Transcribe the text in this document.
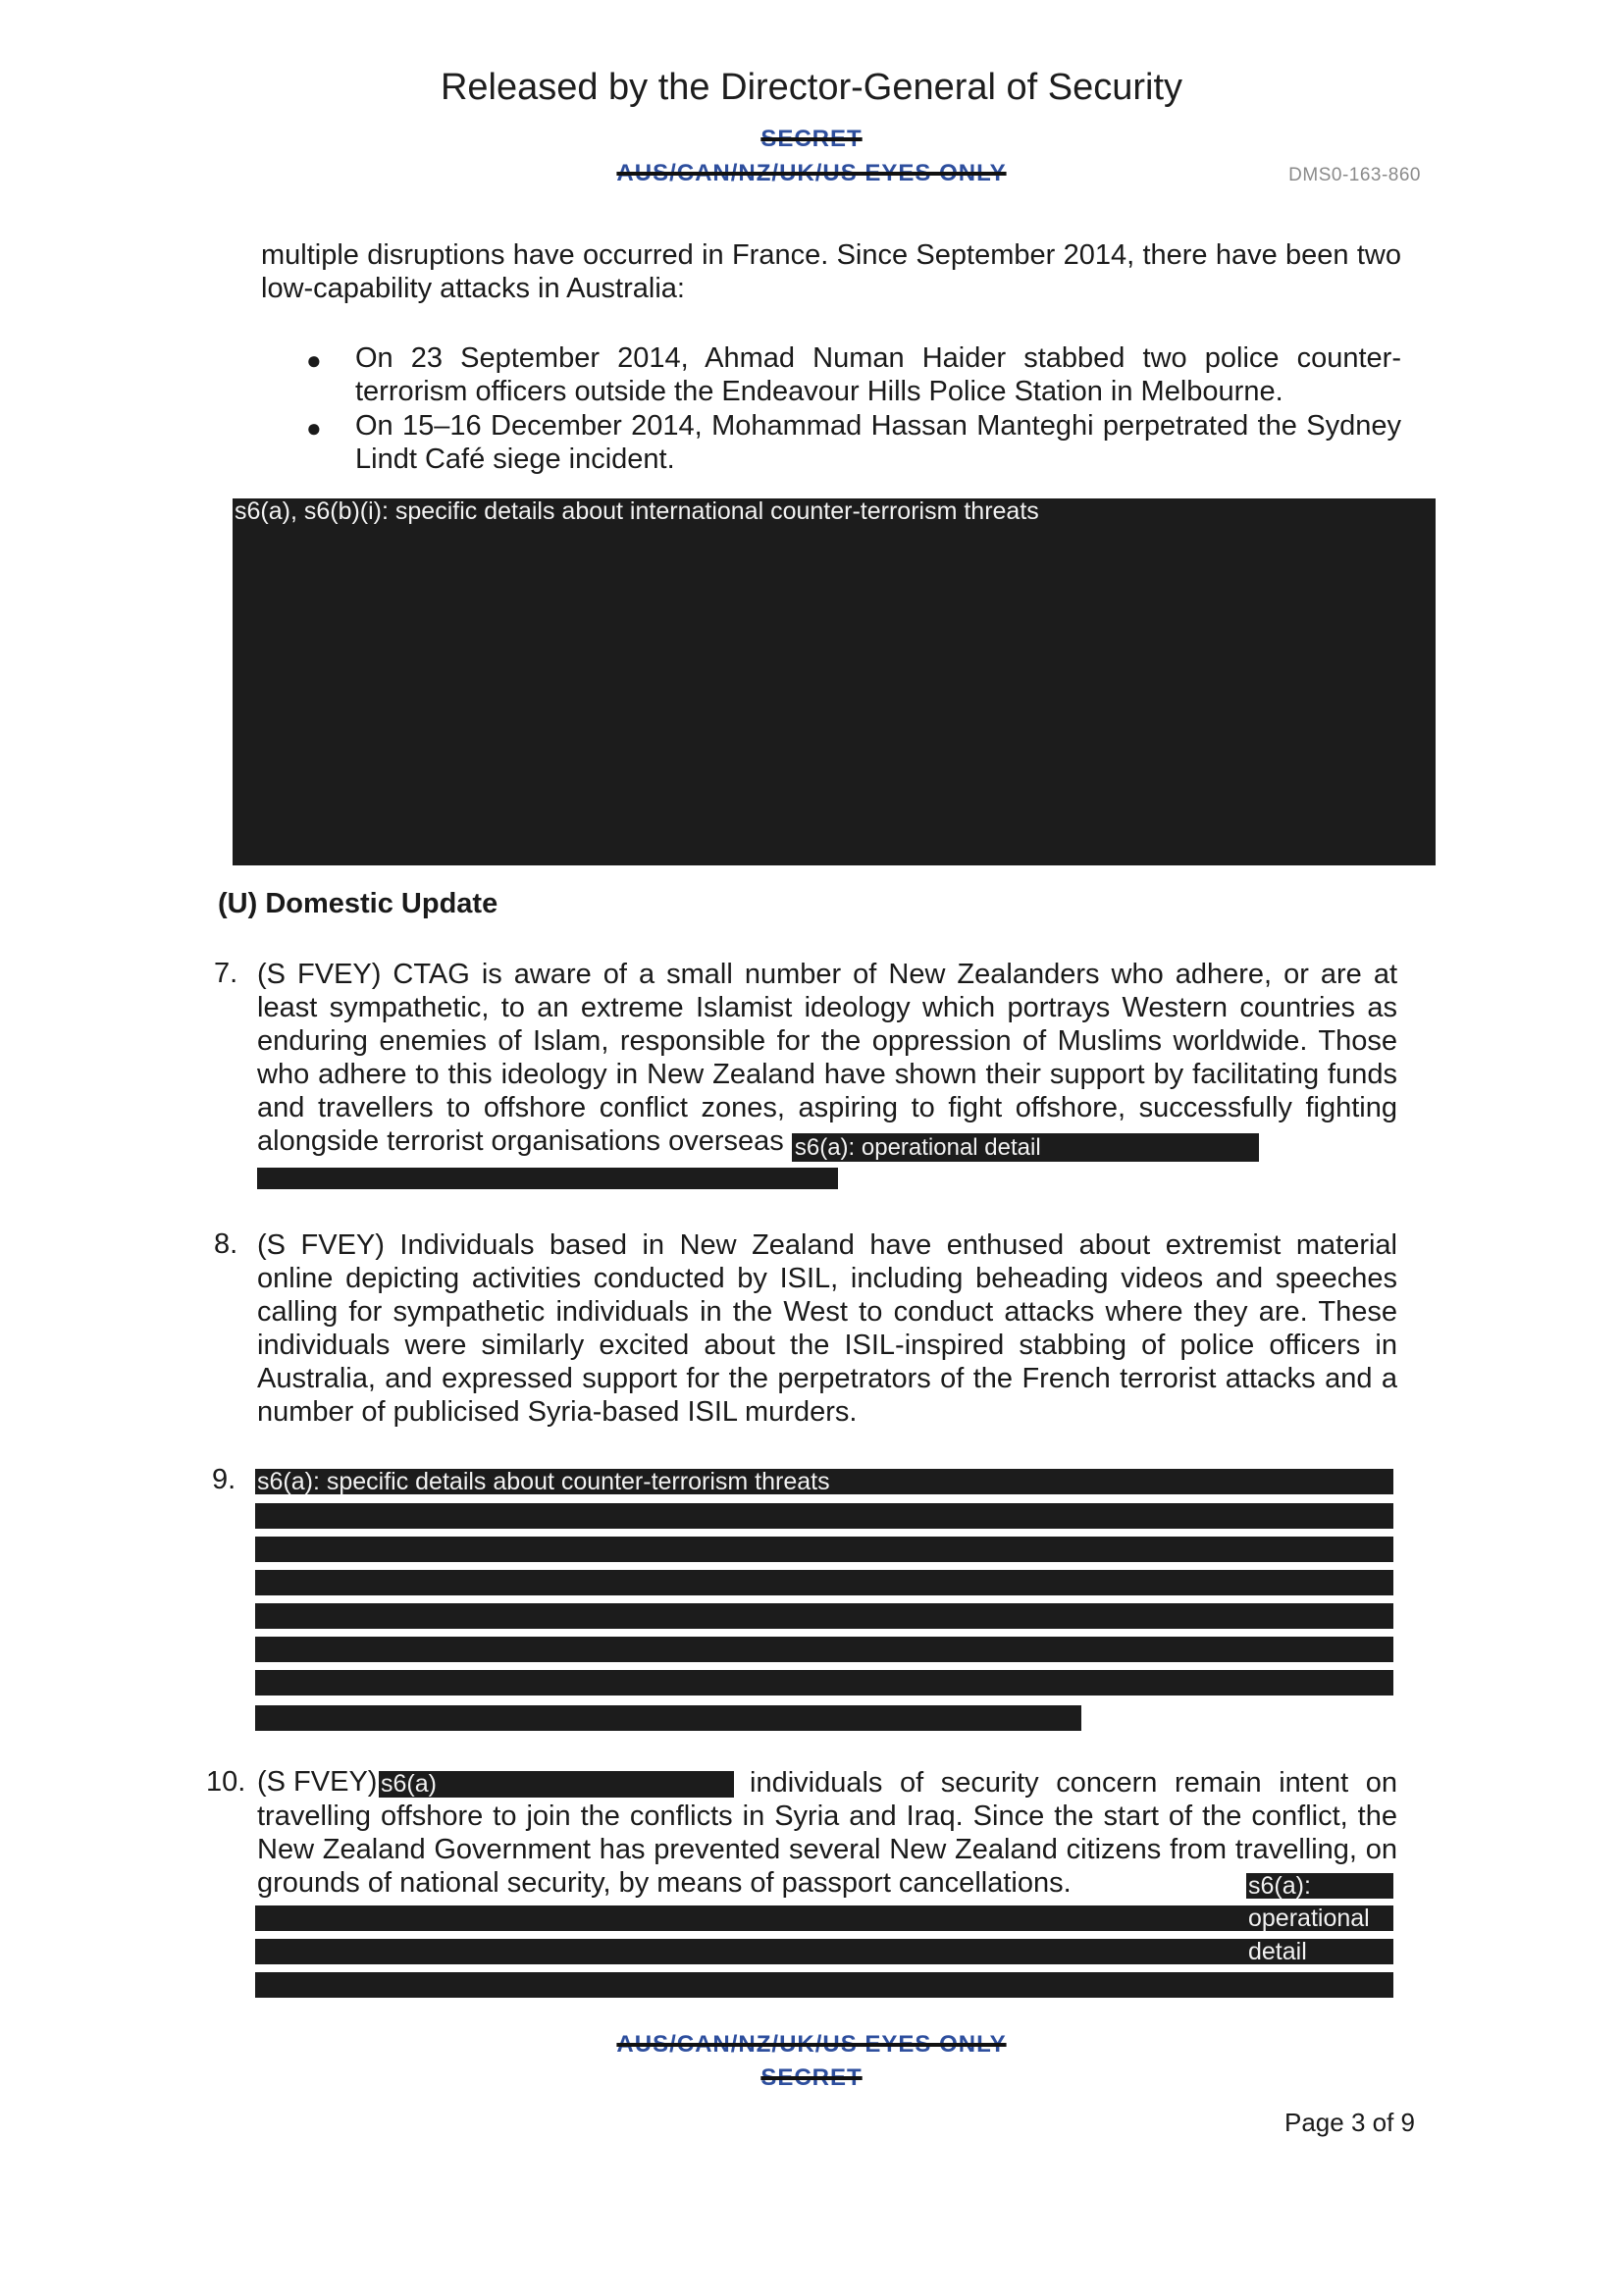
Released by the Director-General of Security
SECRET
AUS/CAN/NZ/UK/US EYES ONLY	DMS0-163-860
multiple disruptions have occurred in France. Since September 2014, there have been two low-capability attacks in Australia:
● On 23 September 2014, Ahmad Numan Haider stabbed two police counter-terrorism officers outside the Endeavour Hills Police Station in Melbourne.
● On 15–16 December 2014, Mohammad Hassan Manteghi perpetrated the Sydney Lindt Café siege incident.
s6(a), s6(b)(i): specific details about international counter-terrorism threats
(U) Domestic Update
7. (S FVEY) CTAG is aware of a small number of New Zealanders who adhere, or are at least sympathetic, to an extreme Islamist ideology which portrays Western countries as enduring enemies of Islam, responsible for the oppression of Muslims worldwide. Those who adhere to this ideology in New Zealand have shown their support by facilitating funds and travellers to offshore conflict zones, aspiring to fight offshore, successfully fighting alongside terrorist organisations overseas s6(a): operational detail
8. (S FVEY) Individuals based in New Zealand have enthused about extremist material online depicting activities conducted by ISIL, including beheading videos and speeches calling for sympathetic individuals in the West to conduct attacks where they are. These individuals were similarly excited about the ISIL-inspired stabbing of police officers in Australia, and expressed support for the perpetrators of the French terrorist attacks and a number of publicised Syria-based ISIL murders.
9. s6(a): specific details about counter-terrorism threats
10. (S FVEY) s6(a)	individuals of security concern remain intent on travelling offshore to join the conflicts in Syria and Iraq. Since the start of the conflict, the New Zealand Government has prevented several New Zealand citizens from travelling, on grounds of national security, by means of passport cancellations.	s6(a):
operational
detail
AUS/CAN/NZ/UK/US EYES ONLY
SECRET
Page 3 of 9
